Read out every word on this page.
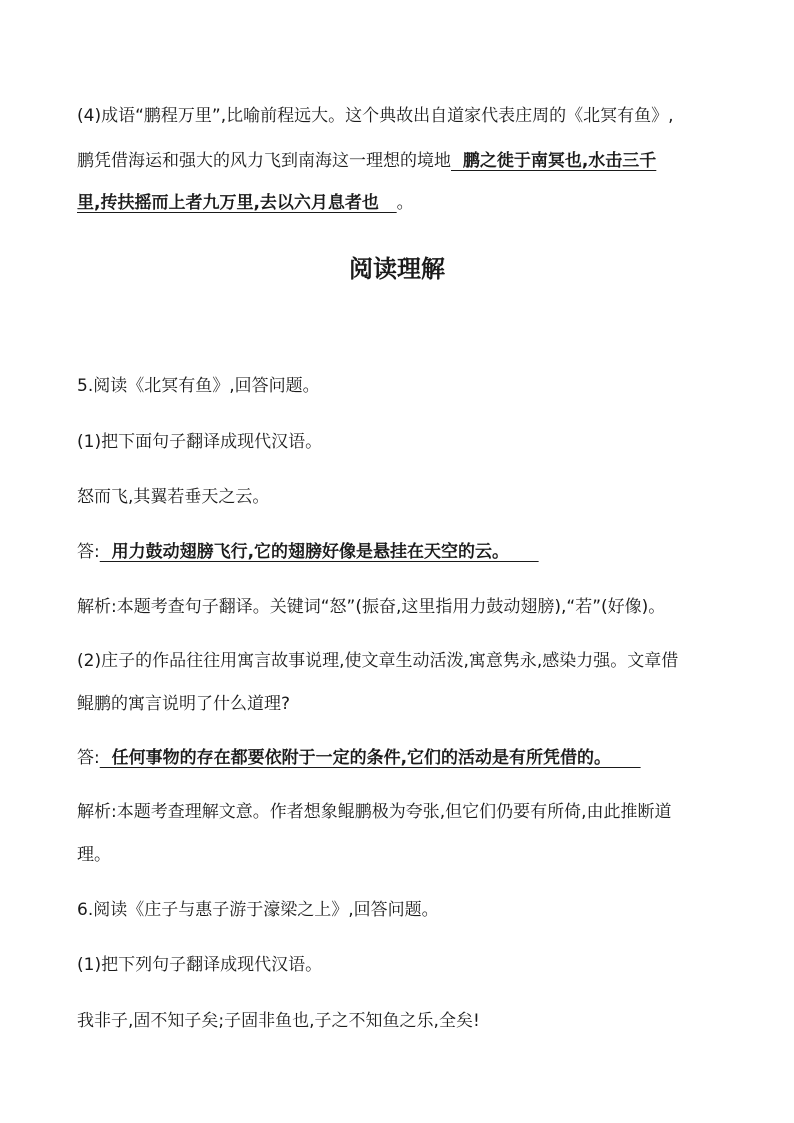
(4)成语“鹏程万里”,比喻前程远大。这个典故出自道家代表庄周的《北冥有鱼》,
鹏凭借海运和强大的风力飞到南海这一理想的境地  鹏之徙于南冥也,水击三千
里,抟扶摇而上者九万里,去以六月息者也   。
阅读理解
5.阅读《北冥有鱼》,回答问题。
(1)把下面句子翻译成现代汉语。
怒而飞,其翼若垂天之云。
答:  用力鼓动翅膀飞行,它的翅膀好像是悬挂在天空的云。
解析:本题考查句子翻译。关键词“怒”(振奋,这里指用力鼓动翅膀),“若”(好像)。
(2)庄子的作品往往用寓言故事说理,使文章生动活泼,寓意隽永,感染力强。文章借
鲲鹏的寓言说明了什么道理?
答:  任何事物的存在都要依附于一定的条件,它们的活动是有所凭借的。
解析:本题考查理解文意。作者想象鲲鹏极为夸张,但它们仍要有所倚,由此推断道
理。
6.阅读《庄子与惠子游于濠梁之上》,回答问题。
(1)把下列句子翻译成现代汉语。
我非子,固不知子矣;子固非鱼也,子之不知鱼之乐,全矣!
